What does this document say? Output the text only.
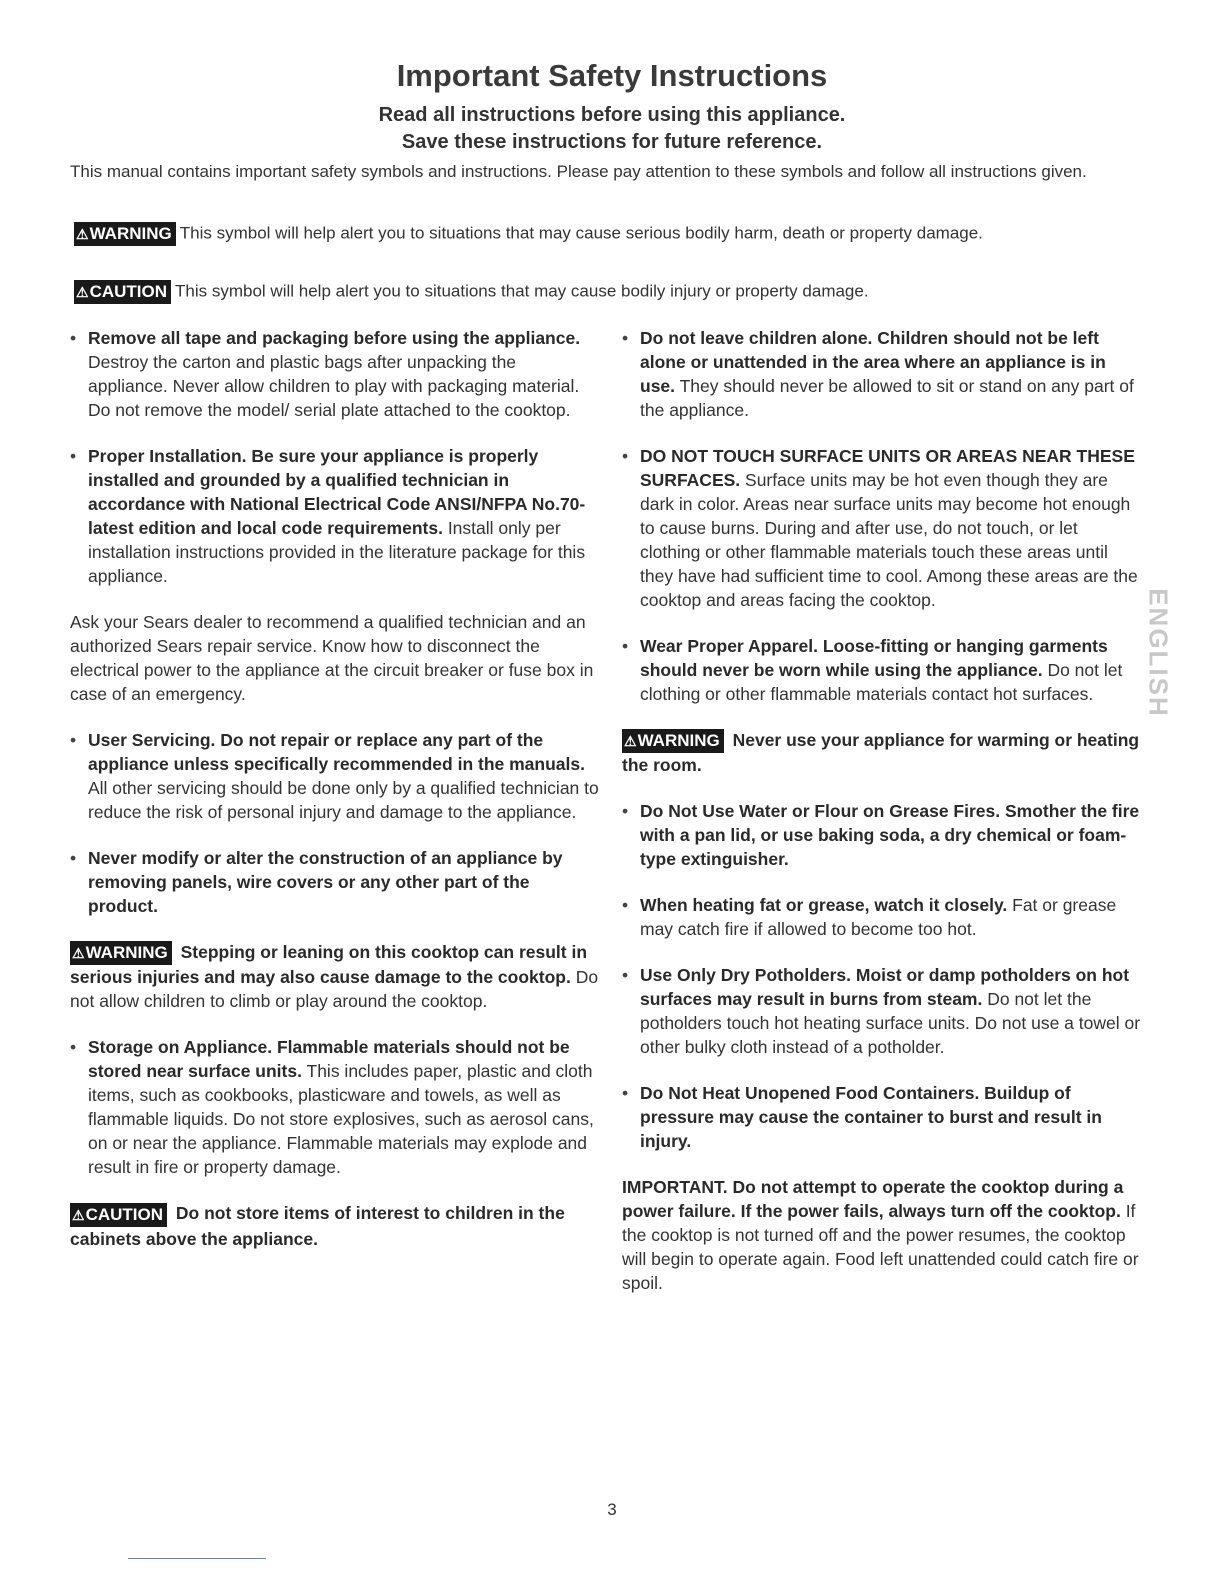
Important Safety Instructions
Read all instructions before using this appliance.
Save these instructions for future reference.

This manual contains important safety symbols and instructions. Please pay attention to these symbols and follow all instructions given.

⚠WARNING This symbol will help alert you to situations that may cause serious bodily harm, death or property damage.
⚠CAUTION This symbol will help alert you to situations that may cause bodily injury or property damage.
• Remove all tape and packaging before using the appliance. Destroy the carton and plastic bags after unpacking the appliance. Never allow children to play with packaging material. Do not remove the model/ serial plate attached to the cooktop.
• Proper Installation. Be sure your appliance is properly installed and grounded by a qualified technician in accordance with National Electrical Code ANSI/NFPA No.70-latest edition and local code requirements. Install only per installation instructions provided in the literature package for this appliance.

Ask your Sears dealer to recommend a qualified technician and an authorized Sears repair service. Know how to disconnect the electrical power to the appliance at the circuit breaker or fuse box in case of an emergency.

• User Servicing. Do not repair or replace any part of the appliance unless specifically recommended in the manuals. All other servicing should be done only by a qualified technician to reduce the risk of personal injury and damage to the appliance.
• Never modify or alter the construction of an appliance by removing panels, wire covers or any other part of the product.

⚠WARNING Stepping or leaning on this cooktop can result in serious injuries and may also cause damage to the cooktop. Do not allow children to climb or play around the cooktop.

• Storage on Appliance. Flammable materials should not be stored near surface units. This includes paper, plastic and cloth items, such as cookbooks, plasticware and towels, as well as flammable liquids. Do not store explosives, such as aerosol cans, on or near the appliance. Flammable materials may explode and result in fire or property damage.

⚠CAUTION Do not store items of interest to children in the cabinets above the appliance.

• Do not leave children alone. Children should not be left alone or unattended in the area where an appliance is in use. They should never be allowed to sit or stand on any part of the appliance.
• DO NOT TOUCH SURFACE UNITS OR AREAS NEAR THESE SURFACES. Surface units may be hot even though they are dark in color. Areas near surface units may become hot enough to cause burns. During and after use, do not touch, or let clothing or other flammable materials touch these areas until they have had sufficient time to cool. Among these areas are the cooktop and areas facing the cooktop.
• Wear Proper Apparel. Loose-fitting or hanging garments should never be worn while using the appliance. Do not let clothing or other flammable materials contact hot surfaces.

⚠WARNING Never use your appliance for warming or heating the room.

• Do Not Use Water or Flour on Grease Fires. Smother the fire with a pan lid, or use baking soda, a dry chemical or foam-type extinguisher.
• When heating fat or grease, watch it closely. Fat or grease may catch fire if allowed to become too hot.
• Use Only Dry Potholders. Moist or damp potholders on hot surfaces may result in burns from steam. Do not let the potholders touch hot heating surface units. Do not use a towel or other bulky cloth instead of a potholder.
• Do Not Heat Unopened Food Containers. Buildup of pressure may cause the container to burst and result in injury.

IMPORTANT. Do not attempt to operate the cooktop during a power failure. If the power fails, always turn off the cooktop. If the cooktop is not turned off and the power resumes, the cooktop will begin to operate again. Food left unattended could catch fire or spoil.

ENGLISH
3
